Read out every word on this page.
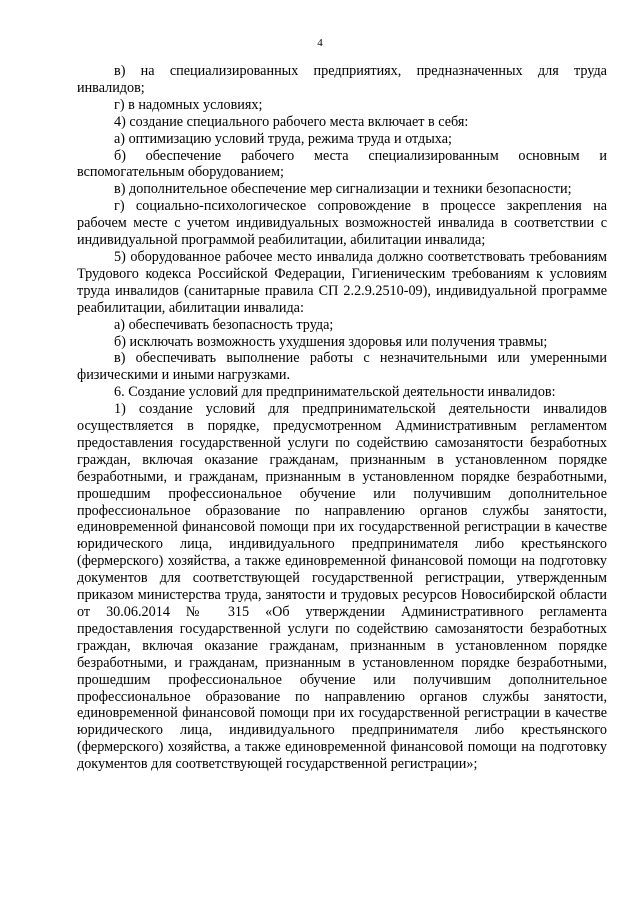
4

в) на специализированных предприятиях, предназначенных для труда инвалидов;

г) в надомных условиях;

4) создание специального рабочего места включает в себя:

а) оптимизацию условий труда, режима труда и отдыха;

б) обеспечение рабочего места специализированным основным и вспомогательным оборудованием;

в) дополнительное обеспечение мер сигнализации и техники безопасности;

г) социально-психологическое сопровождение в процессе закрепления на рабочем месте с учетом индивидуальных возможностей инвалида в соответствии с индивидуальной программой реабилитации, абилитации инвалида;

5) оборудованное рабочее место инвалида должно соответствовать требованиям Трудового кодекса Российской Федерации, Гигиеническим требованиям к условиям труда инвалидов (санитарные правила СП 2.2.9.2510-09), индивидуальной программе реабилитации, абилитации инвалида:

а) обеспечивать безопасность труда;

б) исключать возможность ухудшения здоровья или получения травмы;

в) обеспечивать выполнение работы с незначительными или умеренными физическими и иными нагрузками.

6. Создание условий для предпринимательской деятельности инвалидов:

1) создание условий для предпринимательской деятельности инвалидов осуществляется в порядке, предусмотренном Административным регламентом предоставления государственной услуги по содействию самозанятости безработных граждан, включая оказание гражданам, признанным в установленном порядке безработными, и гражданам, признанным в установленном порядке безработными, прошедшим профессиональное обучение или получившим дополнительное профессиональное образование по направлению органов службы занятости, единовременной финансовой помощи при их государственной регистрации в качестве юридического лица, индивидуального предпринимателя либо крестьянского (фермерского) хозяйства, а также единовременной финансовой помощи на подготовку документов для соответствующей государственной регистрации, утвержденным приказом министерства труда, занятости и трудовых ресурсов Новосибирской области от 30.06.2014 № 315 «Об утверждении Административного регламента предоставления государственной услуги по содействию самозанятости безработных граждан, включая оказание гражданам, признанным в установленном порядке безработными, и гражданам, признанным в установленном порядке безработными, прошедшим профессиональное обучение или получившим дополнительное профессиональное образование по направлению органов службы занятости, единовременной финансовой помощи при их государственной регистрации в качестве юридического лица, индивидуального предпринимателя либо крестьянского (фермерского) хозяйства, а также единовременной финансовой помощи на подготовку документов для соответствующей государственной регистрации»;
